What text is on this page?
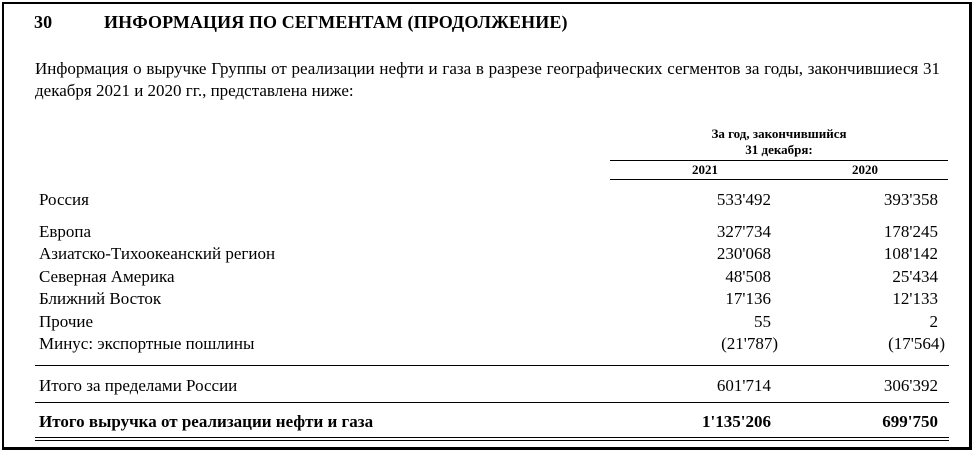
30	ИНФОРМАЦИЯ ПО СЕГМЕНТАМ (ПРОДОЛЖЕНИЕ)
Информация о выручке Группы от реализации нефти и газа в разрезе географических сегментов за годы, закончившиеся 31 декабря 2021 и 2020 гг., представлена ниже:
За год, закончившийся
31 декабря:
2021	2020
Россия	533'492	393'358
Европа	327'734	178'245
Азиатско-Тихоокеанский регион	230'068	108'142
Северная Америка	48'508	25'434
Ближний Восток	17'136	12'133
Прочие	55	2
Минус: экспортные пошлины	(21'787)	(17'564)
Итого за пределами России	601'714	306'392
Итого выручка от реализации нефти и газа	1'135'206	699'750
